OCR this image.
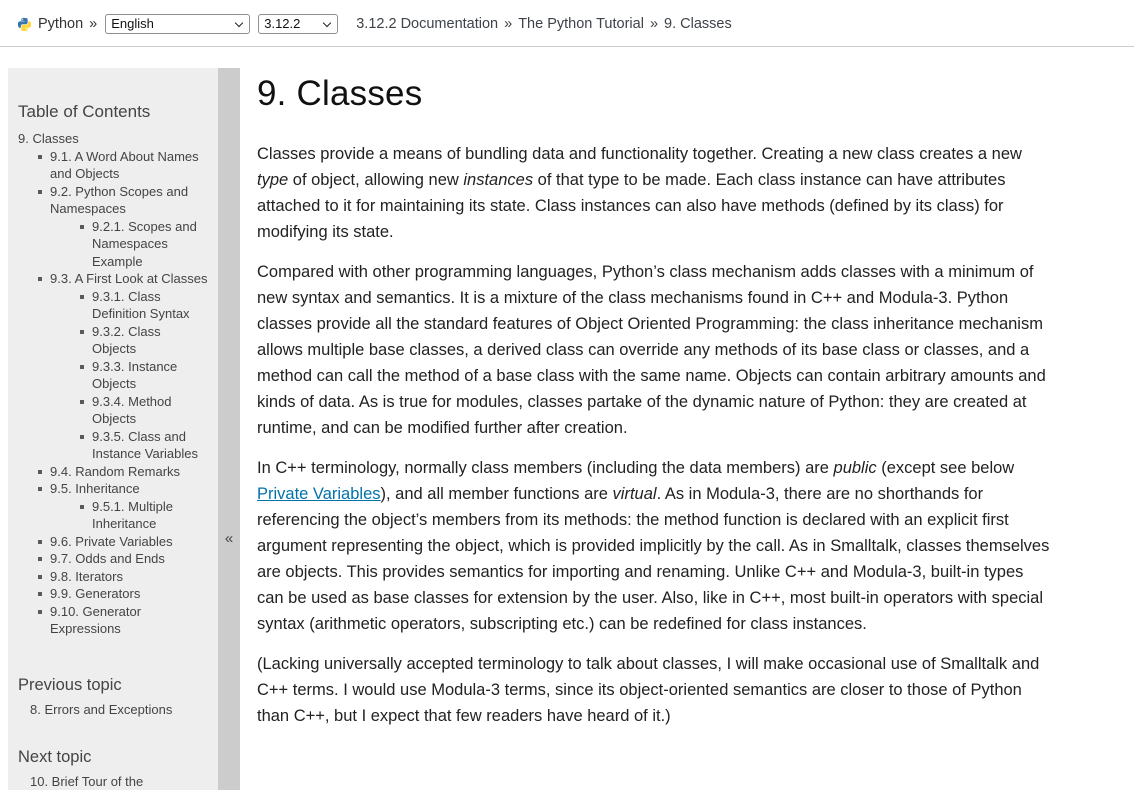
Python »
English
3.12.2	3.12.2 Documentation » The Python Tutorial » 9. Classes
Table of Contents
9. Classes
9.1. A Word About Names and Objects
9.2. Python Scopes and Namespaces
9.2.1. Scopes and Namespaces Example
9.3. A First Look at Classes
9.3.1. Class Definition Syntax
9.3.2. Class Objects
9.3.3. Instance Objects
9.3.4. Method Objects
9.3.5. Class and Instance Variables
9.4. Random Remarks
9.5. Inheritance
9.5.1. Multiple Inheritance
9.6. Private Variables
9.7. Odds and Ends
9.8. Iterators
9.9. Generators
9.10. Generator Expressions
Previous topic
8. Errors and Exceptions
Next topic
10. Brief Tour of the
«
9. Classes

Classes provide a means of bundling data and functionality together. Creating a new class creates a new type of object, allowing new instances of that type to be made. Each class instance can have attributes attached to it for maintaining its state. Class instances can also have methods (defined by its class) for modifying its state.

Compared with other programming languages, Python’s class mechanism adds classes with a minimum of new syntax and semantics. It is a mixture of the class mechanisms found in C++ and Modula-3. Python classes provide all the standard features of Object Oriented Programming: the class inheritance mechanism allows multiple base classes, a derived class can override any methods of its base class or classes, and a method can call the method of a base class with the same name. Objects can contain arbitrary amounts and kinds of data. As is true for modules, classes partake of the dynamic nature of Python: they are created at runtime, and can be modified further after creation.

In C++ terminology, normally class members (including the data members) are public (except see below Private Variables), and all member functions are virtual. As in Modula-3, there are no shorthands for referencing the object’s members from its methods: the method function is declared with an explicit first argument representing the object, which is provided implicitly by the call. As in Smalltalk, classes themselves are objects. This provides semantics for importing and renaming. Unlike C++ and Modula-3, built-in types can be used as base classes for extension by the user. Also, like in C++, most built-in operators with special syntax (arithmetic operators, subscripting etc.) can be redefined for class instances.

(Lacking universally accepted terminology to talk about classes, I will make occasional use of Smalltalk and C++ terms. I would use Modula-3 terms, since its object-oriented semantics are closer to those of Python than C++, but I expect that few readers have heard of it.)
